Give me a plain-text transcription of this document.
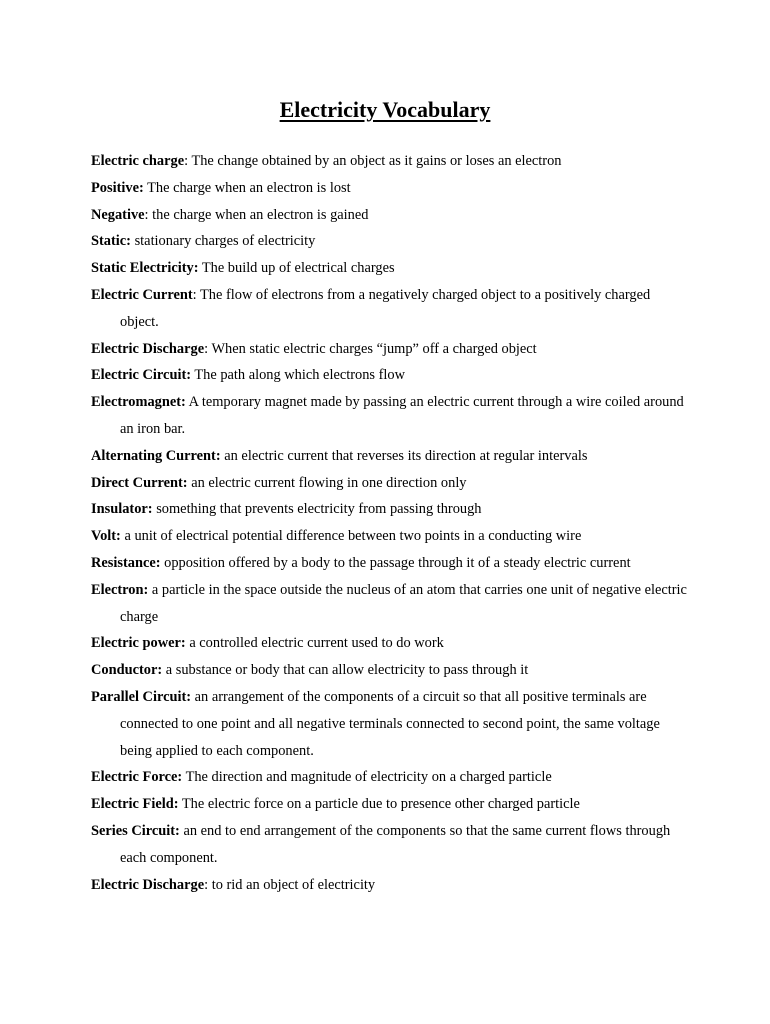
Electricity Vocabulary
Electric charge: The change obtained by an object as it gains or loses an electron
Positive: The charge when an electron is lost
Negative: the charge when an electron is gained
Static: stationary charges of electricity
Static Electricity: The build up of electrical charges
Electric Current: The flow of electrons from a negatively charged object to a positively charged object.
Electric Discharge: When static electric charges “jump” off a charged object
Electric Circuit: The path along which electrons flow
Electromagnet: A temporary magnet made by passing an electric current through a wire coiled around an iron bar.
Alternating Current: an electric current that reverses its direction at regular intervals
Direct Current: an electric current flowing in one direction only
Insulator: something that prevents electricity from passing through
Volt: a unit of electrical potential difference between two points in a conducting wire
Resistance: opposition offered by a body to the passage through it of a steady electric current
Electron: a particle in the space outside the nucleus of an atom that carries one unit of negative electric charge
Electric power: a controlled electric current used to do work
Conductor: a substance or body that can allow electricity to pass through it
Parallel Circuit: an arrangement of the components of a circuit so that all positive terminals are connected to one point and all negative terminals connected to second point, the same voltage being applied to each component.
Electric Force: The direction and magnitude of electricity on a charged particle
Electric Field: The electric force on a particle due to presence other charged particle
Series Circuit: an end to end arrangement of the components so that the same current flows through each component.
Electric Discharge: to rid an object of electricity
